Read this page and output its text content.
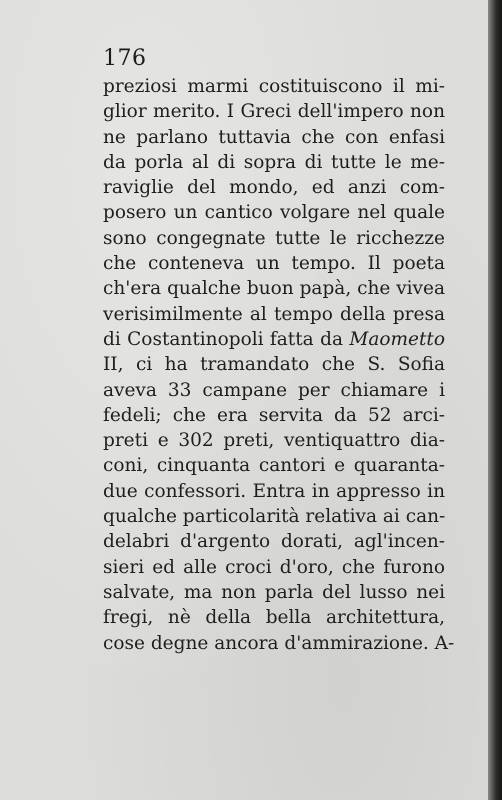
176
preziosi marmi costituiscono il mi-
glior merito. I Greci dell'impero non
ne parlano tuttavia che con enfasi
da porla al di sopra di tutte le me-
raviglie del mondo, ed anzi com-
posero un cantico volgare nel quale
sono congegnate tutte le ricchezze
che conteneva un tempo. Il poeta
ch'era qualche buon papà, che vivea
verisimilmente al tempo della presa
di Costantinopoli fatta da Maometto
II, ci ha tramandato che S. Sofia
aveva 33 campane per chiamare i
fedeli; che era servita da 52 arci-
preti e 302 preti, ventiquattro dia-
coni, cinquanta cantori e quaranta-
due confessori. Entra in appresso in
qualche particolarità relativa ai can-
delabri d'argento dorati, agl'incen-
sieri ed alle croci d'oro, che furono
salvate, ma non parla del lusso nei
fregi, nè della bella architettura,
cose degne ancora d'ammirazione. A-
